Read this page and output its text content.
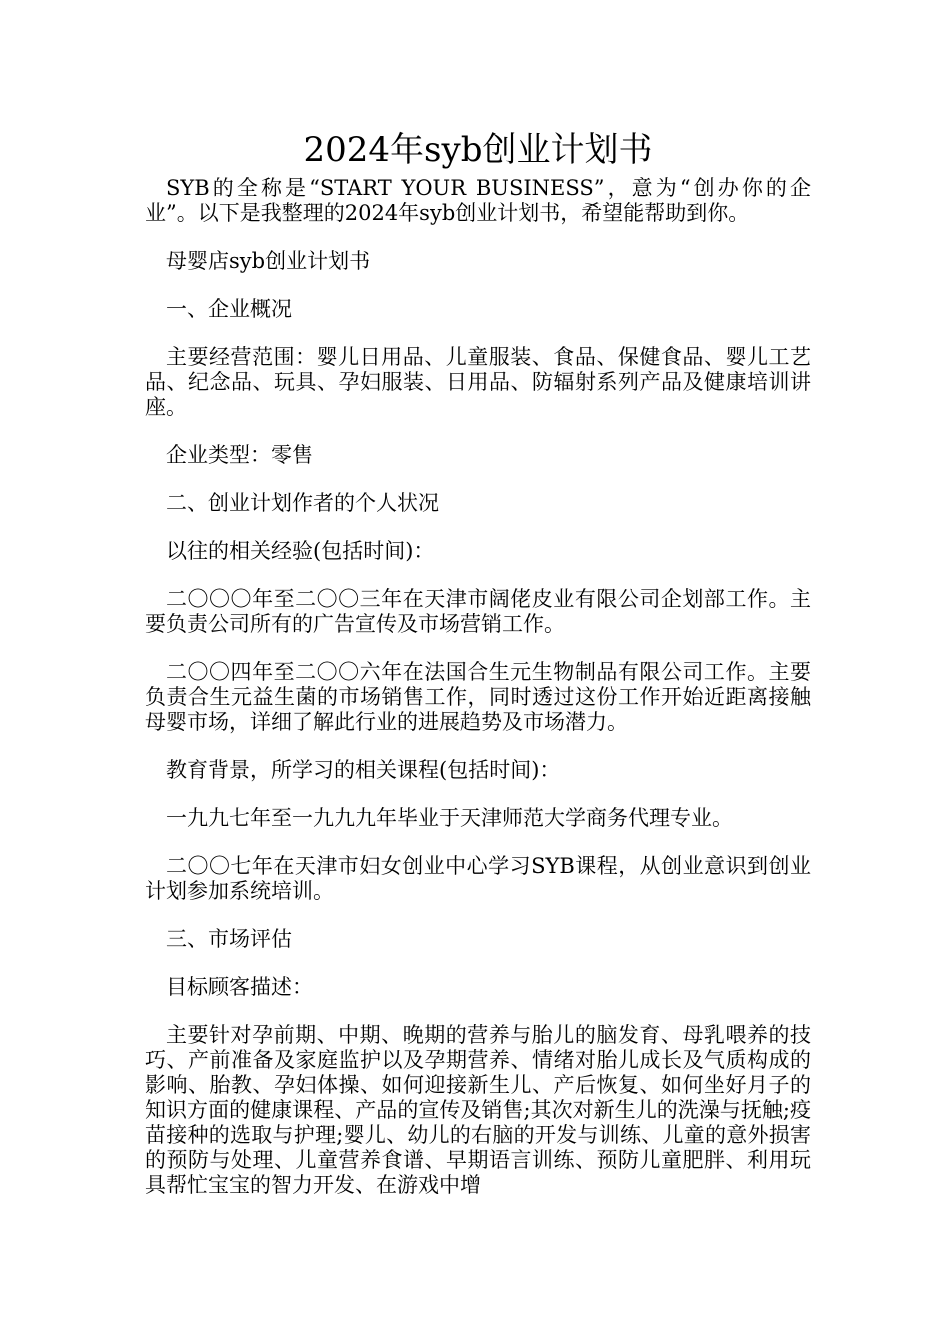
2024年syb创业计划书

SYB的全称是“START YOUR BUSINESS”，意为“创办你的企业”。以下是我整理的2024年syb创业计划书，希望能帮助到你。

母婴店syb创业计划书

一、企业概况

主要经营范围：婴儿日用品、儿童服装、食品、保健食品、婴儿工艺品、纪念品、玩具、孕妇服装、日用品、防辐射系列产品及健康培训讲座。

企业类型：零售

二、创业计划作者的个人状况

以往的相关经验(包括时间)：

二〇〇〇年至二〇〇三年在天津市阔佬皮业有限公司企划部工作。主要负责公司所有的广告宣传及市场营销工作。

二〇〇四年至二〇〇六年在法国合生元生物制品有限公司工作。主要负责合生元益生菌的市场销售工作，同时透过这份工作开始近距离接触母婴市场，详细了解此行业的进展趋势及市场潜力。

教育背景，所学习的相关课程(包括时间)：

一九九七年至一九九九年毕业于天津师范大学商务代理专业。

二〇〇七年在天津市妇女创业中心学习SYB课程，从创业意识到创业计划参加系统培训。

三、市场评估

目标顾客描述：

主要针对孕前期、中期、晚期的营养与胎儿的脑发育、母乳喂养的技巧、产前准备及家庭监护以及孕期营养、情绪对胎儿成长及气质构成的影响、胎教、孕妇体操、如何迎接新生儿、产后恢复、如何坐好月子的知识方面的健康课程、产品的宣传及销售;其次对新生儿的洗澡与抚触;疫苗接种的选取与护理;婴儿、幼儿的右脑的开发与训练、儿童的意外损害的预防与处理、儿童营养食谱、早期语言训练、预防儿童肥胖、利用玩具帮忙宝宝的智力开发、在游戏中增
